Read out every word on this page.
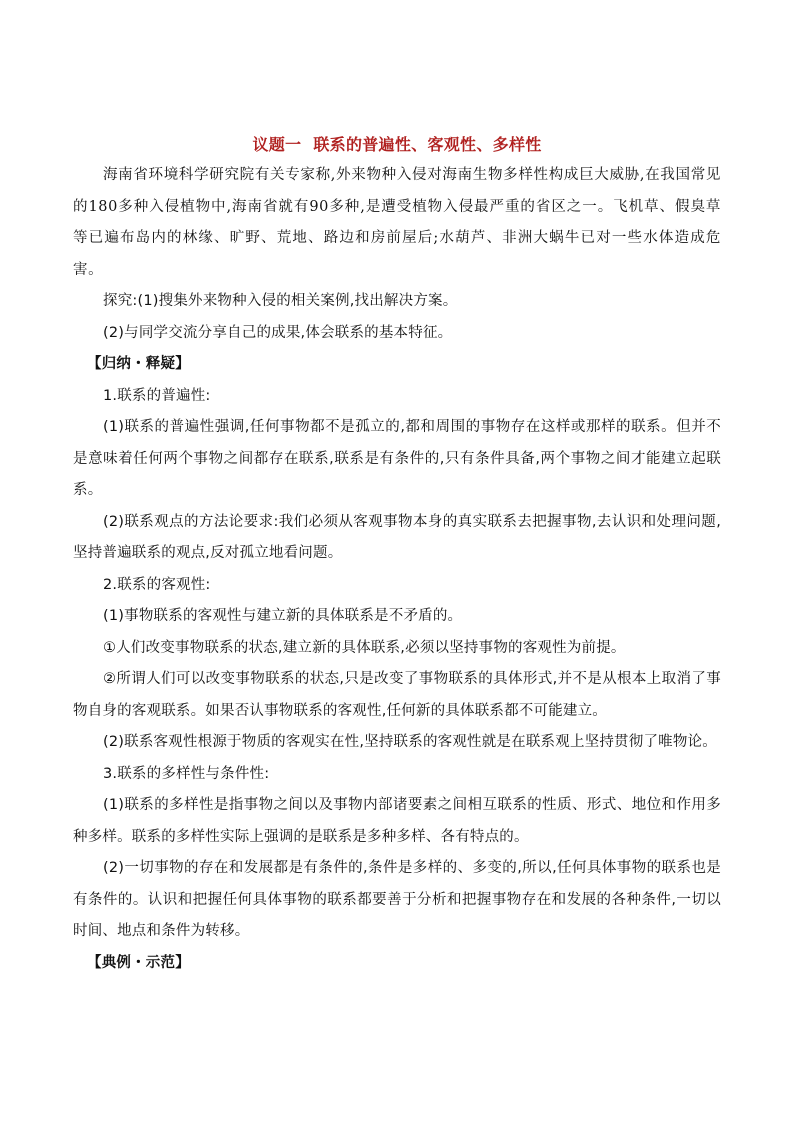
议题一 联系的普遍性、客观性、多样性
海南省环境科学研究院有关专家称,外来物种入侵对海南生物多样性构成巨大威胁,在我国常见的180多种入侵植物中,海南省就有90多种,是遭受植物入侵最严重的省区之一。飞机草、假臭草等已遍布岛内的林缘、旷野、荒地、路边和房前屋后;水葫芦、非洲大蜗牛已对一些水体造成危害。

探究:(1)搜集外来物种入侵的相关案例,找出解决方案。

(2)与同学交流分享自己的成果,体会联系的基本特征。

【归纳・释疑】

1.联系的普遍性:

(1)联系的普遍性强调,任何事物都不是孤立的,都和周围的事物存在这样或那样的联系。但并不是意味着任何两个事物之间都存在联系,联系是有条件的,只有条件具备,两个事物之间才能建立起联系。

(2)联系观点的方法论要求:我们必须从客观事物本身的真实联系去把握事物,去认识和处理问题,坚持普遍联系的观点,反对孤立地看问题。

2.联系的客观性:

(1)事物联系的客观性与建立新的具体联系是不矛盾的。

①人们改变事物联系的状态,建立新的具体联系,必须以坚持事物的客观性为前提。

②所谓人们可以改变事物联系的状态,只是改变了事物联系的具体形式,并不是从根本上取消了事物自身的客观联系。如果否认事物联系的客观性,任何新的具体联系都不可能建立。

(2)联系客观性根源于物质的客观实在性,坚持联系的客观性就是在联系观上坚持贯彻了唯物论。

3.联系的多样性与条件性:

(1)联系的多样性是指事物之间以及事物内部诸要素之间相互联系的性质、形式、地位和作用多种多样。联系的多样性实际上强调的是联系是多种多样、各有特点的。

(2)一切事物的存在和发展都是有条件的,条件是多样的、多变的,所以,任何具体事物的联系也是有条件的。认识和把握任何具体事物的联系都要善于分析和把握事物存在和发展的各种条件,一切以时间、地点和条件为转移。

【典例・示范】
